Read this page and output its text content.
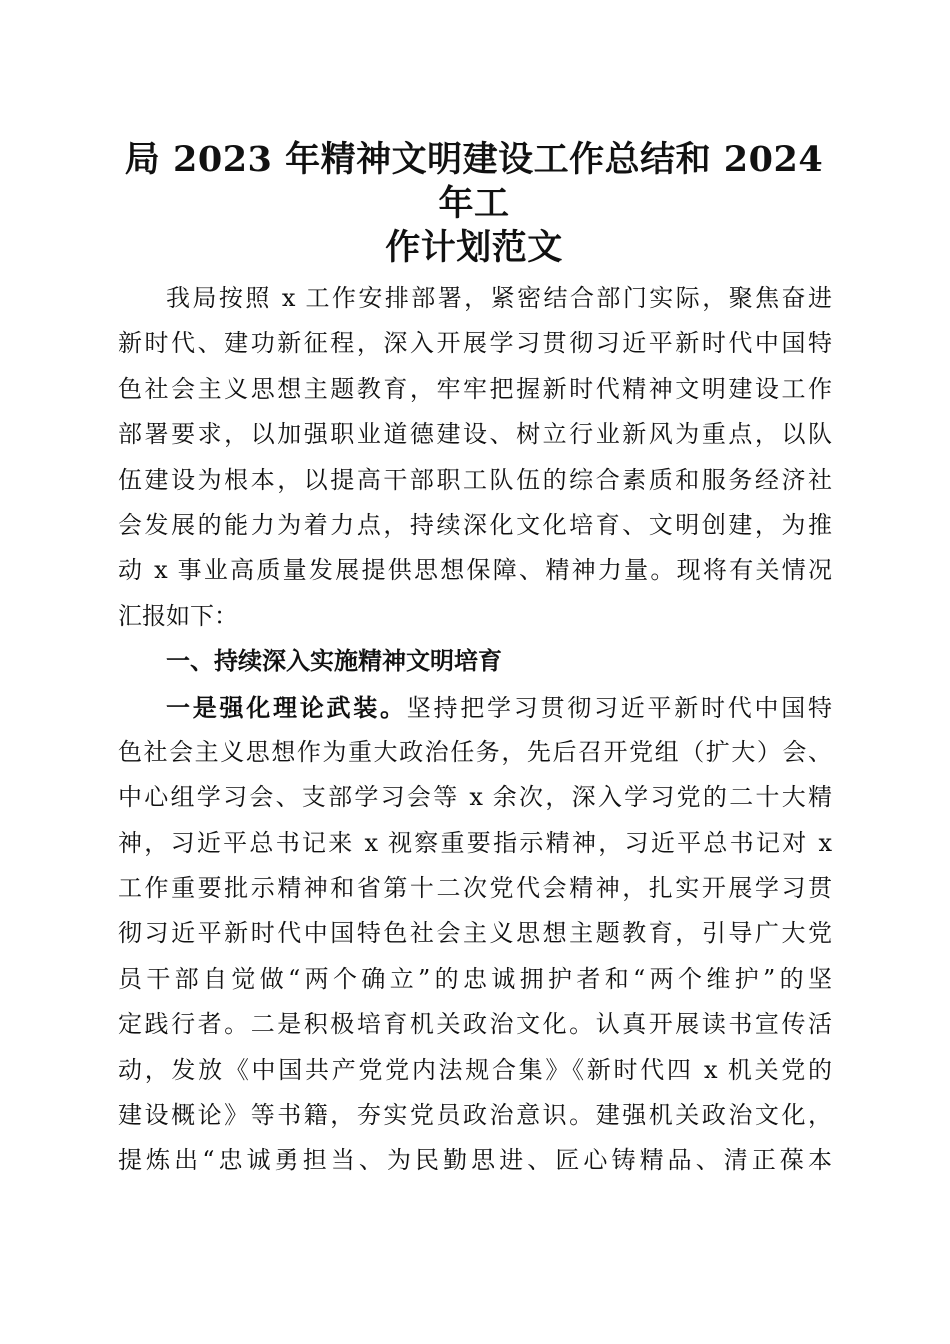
局 2023 年精神文明建设工作总结和 2024 年工
作计划范文
我局按照 x 工作安排部署，紧密结合部门实际，聚焦奋进
新时代、建功新征程，深入开展学习贯彻习近平新时代中国特
色社会主义思想主题教育，牢牢把握新时代精神文明建设工作
部署要求，以加强职业道德建设、树立行业新风为重点，以队
伍建设为根本，以提高干部职工队伍的综合素质和服务经济社
会发展的能力为着力点，持续深化文化培育、文明创建，为推
动 x 事业高质量发展提供思想保障、精神力量。现将有关情况
汇报如下：
一、持续深入实施精神文明培育
一是强化理论武装。坚持把学习贯彻习近平新时代中国特
色社会主义思想作为重大政治任务，先后召开党组（扩大）会、
中心组学习会、支部学习会等 x 余次，深入学习党的二十大精
神，习近平总书记来 x 视察重要指示精神，习近平总书记对 x
工作重要批示精神和省第十二次党代会精神，扎实开展学习贯
彻习近平新时代中国特色社会主义思想主题教育，引导广大党
员干部自觉做“两个确立”的忠诚拥护者和“两个维护”的坚
定践行者。二是积极培育机关政治文化。认真开展读书宣传活
动，发放《中国共产党党内法规合集》《新时代四 x 机关党的
建设概论》等书籍，夯实党员政治意识。建强机关政治文化，
提炼出“忠诚勇担当、为民勤思进、匠心铸精品、清正葆本
